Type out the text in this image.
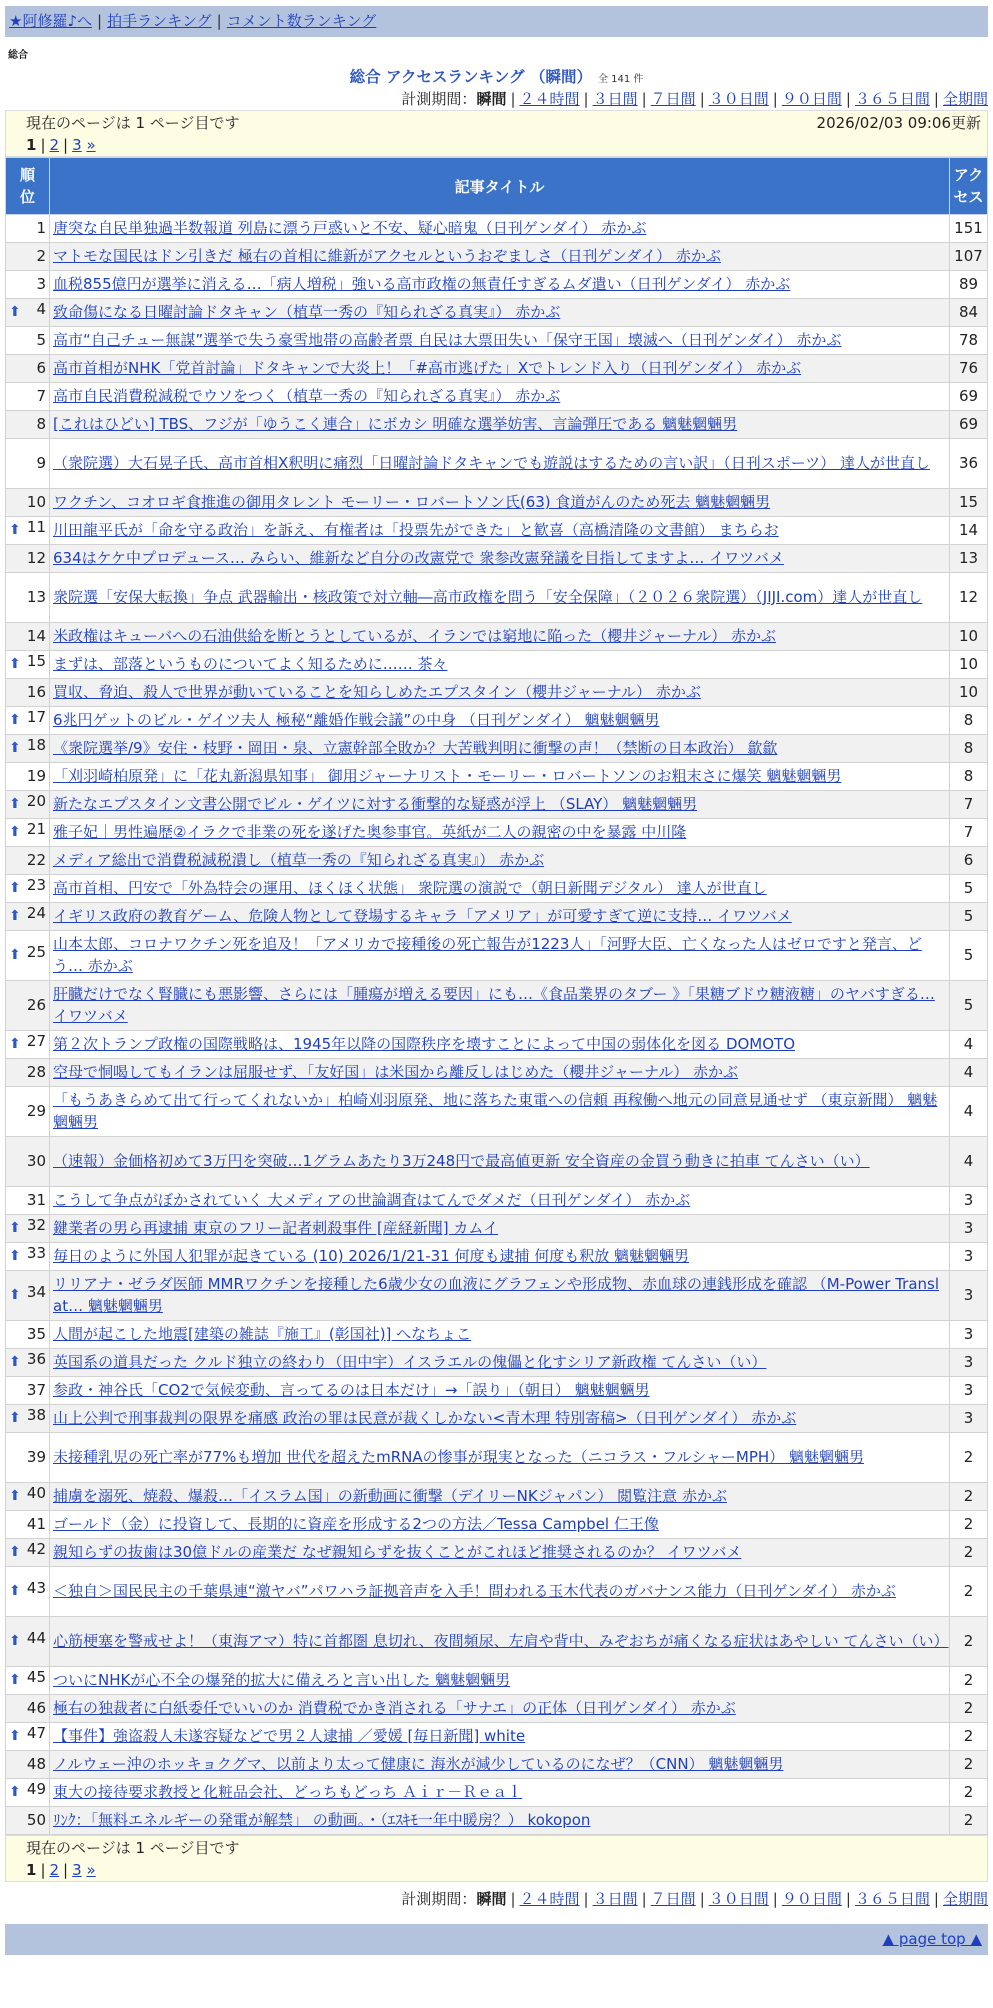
★阿修羅♪へ | 拍手ランキング | コメント数ランキング
総合
総合 アクセスランキング （瞬間） 全 141 件
計測期間：瞬間 | ２４時間 | ３日間 | ７日間 | ３０日間 | ９０日間 | ３６５日間 | 全期間
現在のページは 1 ページ目です	2026/02/03 09:06更新
1 | 2 | 3 »
順位	記事タイトル	アクセス
1	唐突な自民単独過半数報道 列島に漂う戸惑いと不安、疑心暗鬼（日刊ゲンダイ） 赤かぶ	151
2	マトモな国民はドン引きだ 極右の首相に維新がアクセルというおぞましさ（日刊ゲンダイ） 赤かぶ	107
3	血税855億円が選挙に消える…「病人増税」強いる高市政権の無責任すぎるムダ遣い（日刊ゲンダイ） 赤かぶ	89

⬆ 4	致命傷になる日曜討論ドタキャン（植草一秀の『知られざる真実』） 赤かぶ	84
5	高市“自己チュー無謀”選挙で失う豪雪地帯の高齢者票 自民は大票田失い「保守王国」壊滅へ（日刊ゲンダイ） 赤かぶ	78
6	高市首相がNHK「党首討論」ドタキャンで大炎上！「#高市逃げた」Xでトレンド入り（日刊ゲンダイ） 赤かぶ	76
7	高市自民消費税減税でウソをつく（植草一秀の『知られざる真実』） 赤かぶ	69
8	[これはひどい] TBS、フジが「ゆうこく連合」にボカシ 明確な選挙妨害、言論弾圧である 魑魅魍魎男	69
9	（衆院選）大石晃子氏、高市首相X釈明に痛烈「日曜討論ドタキャンでも遊説はするための言い訳」（日刊スポーツ） 達人が世直し	36
10	ワクチン、コオロギ食推進の御用タレント モーリー・ロバートソン氏(63) 食道がんのため死去 魑魅魍魎男	15

⬆ 11	川田龍平氏が「命を守る政治」を訴え、有権者は「投票先ができた」と歓喜（高橋清隆の文書館） まちらお	14
12	634はケケ中プロデュース… みらい、維新など自分の改憲党で 衆参改憲発議を目指してますよ… イワツバメ	13
13	衆院選「安保大転換」争点 武器輸出・核政策で対立軸―高市政権を問う「安全保障」（２０２６衆院選）（JIJI.com）達人が世直し	12
14	米政権はキューバへの石油供給を断とうとしているが、イランでは窮地に陥った（櫻井ジャーナル） 赤かぶ	10

⬆ 15	まずは、部落というものについてよく知るために…… 茶々	10
16	買収、脅迫、殺人で世界が動いていることを知らしめたエプスタイン（櫻井ジャーナル） 赤かぶ	10

⬆ 17	6兆円ゲットのビル・ゲイツ夫人 極秘“離婚作戦会議”の中身 （日刊ゲンダイ） 魑魅魍魎男	8

⬆ 18	《衆院選挙/9》安住・枝野・岡田・泉、立憲幹部全敗か？大苦戦判明に衝撃の声！（禁断の日本政治） 歙歙	8
19	「刈羽崎柏原発」に「花丸新潟県知事」 御用ジャーナリスト・モーリー・ロバートソンのお粗末さに爆笑 魑魅魍魎男	8

⬆ 20	新たなエプスタイン文書公開でビル・ゲイツに対する衝撃的な疑惑が浮上 （SLAY） 魑魅魍魎男	7

⬆ 21	雅子妃｜男性遍歴②イラクで非業の死を遂げた奥参事官。英紙が二人の親密の中を暴露 中川隆	7
22	メディア総出で消費税減税潰し（植草一秀の『知られざる真実』） 赤かぶ	6

⬆ 23	高市首相、円安で「外為特会の運用、ほくほく状態」 衆院選の演説で（朝日新聞デジタル） 達人が世直し	5

⬆ 24	イギリス政府の教育ゲーム、危険人物として登場するキャラ「アメリア」が可愛すぎて逆に支持… イワツバメ	5

⬆ 25	山本太郎、コロナワクチン死を追及！「アメリカで接種後の死亡報告が1223人」「河野大臣、亡くなった人はゼロですと発言、どう… 赤かぶ	5
26	肝臓だけでなく腎臓にも悪影響、さらには「腫瘍が増える要因」にも…《食品業界のタブー 》「果糖ブドウ糖液糖」のヤバすぎる… イワツバメ	5

⬆ 27	第２次トランプ政権の国際戦略は、1945年以降の国際秩序を壊すことによって中国の弱体化を図る DOMOTO	4
28	空母で恫喝してもイランは屈服せず、「友好国」は米国から離反しはじめた（櫻井ジャーナル） 赤かぶ	4
29	「もうあきらめて出て行ってくれないか」柏崎刈羽原発、地に落ちた東電への信頼 再稼働へ地元の同意見通せず （東京新聞） 魑魅魍魎男	4
30	（速報）金価格初めて3万円を突破…1グラムあたり3万248円で最高値更新 安全資産の金買う動きに拍車 てんさい（い）	4
31	こうして争点がぼかされていく 大メディアの世論調査はてんでダメだ（日刊ゲンダイ） 赤かぶ	3

⬆ 32	鍵業者の男ら再逮捕 東京のフリー記者刺殺事件 [産経新聞] カムイ	3

⬆ 33	毎日のように外国人犯罪が起きている (10) 2026/1/21-31 何度も逮捕 何度も釈放 魑魅魍魎男	3

⬆ 34	リリアナ・ゼラダ医師 MMRワクチンを接種した6歳少女の血液にグラフェンや形成物、赤血球の連銭形成を確認 （M-Power Translat… 魑魅魍魎男	3
35	人間が起こした地震[建築の雑誌『施工』(彰国社)] へなちょこ	3

⬆ 36	英国系の道具だった クルド独立の終わり（田中宇）イスラエルの傀儡と化すシリア新政権 てんさい（い）	3
37	参政・神谷氏「CO2で気候変動、言ってるのは日本だけ」→「誤り」（朝日） 魑魅魍魎男	3

⬆ 38	山上公判で刑事裁判の限界を痛感 政治の罪は民意が裁くしかない<青木理 特別寄稿>（日刊ゲンダイ） 赤かぶ	3
39	未接種乳児の死亡率が77%も増加 世代を超えたmRNAの惨事が現実となった（ニコラス・フルシャーMPH） 魑魅魍魎男	2

⬆ 40	捕虜を溺死、焼殺、爆殺…「イスラム国」の新動画に衝撃（デイリーNKジャパン） 閲覧注意 赤かぶ	2
41	ゴールド（金）に投資して、長期的に資産を形成する2つの方法／Tessa Campbel 仁王像	2

⬆ 42	親知らずの抜歯は30億ドルの産業だ なぜ親知らずを抜くことがこれほど推奨されるのか？ イワツバメ	2

⬆ 43	＜独自＞国民民主の千葉県連“激ヤバ”パワハラ証拠音声を入手！問われる玉木代表のガバナンス能力（日刊ゲンダイ） 赤かぶ	2

⬆ 44	心筋梗塞を警戒せよ！（東海アマ）特に首都圏 息切れ、夜間頻尿、左肩や背中、みぞおちが痛くなる症状はあやしい てんさい（い）	2

⬆ 45	ついにNHKが心不全の爆発的拡大に備えろと言い出した 魑魅魍魎男	2
46	極右の独裁者に白紙委任でいいのか 消費税でかき消される「サナエ」の正体（日刊ゲンダイ） 赤かぶ	2

⬆ 47	【事件】強盗殺人未遂容疑などで男２人逮捕 ／愛媛 [毎日新聞] white	2
48	ノルウェー沖のホッキョクグマ、以前より太って健康に 海氷が減少しているのになぜ？（CNN） 魑魅魍魎男	2

⬆ 49	東大の接待要求教授と化粧品会社、どっちもどっち Ａｉｒ－Ｒｅａｌ	2
50	ﾘﾝｸ：「無料エネルギーの発電が解禁」 の動画。・（ｴｽｷﾓ一年中暖房？） kokopon	2
現在のページは 1 ページ目です
1 | 2 | 3 »
計測期間：瞬間 | ２４時間 | ３日間 | ７日間 | ３０日間 | ９０日間 | ３６５日間 | 全期間
▲ page top ▲
